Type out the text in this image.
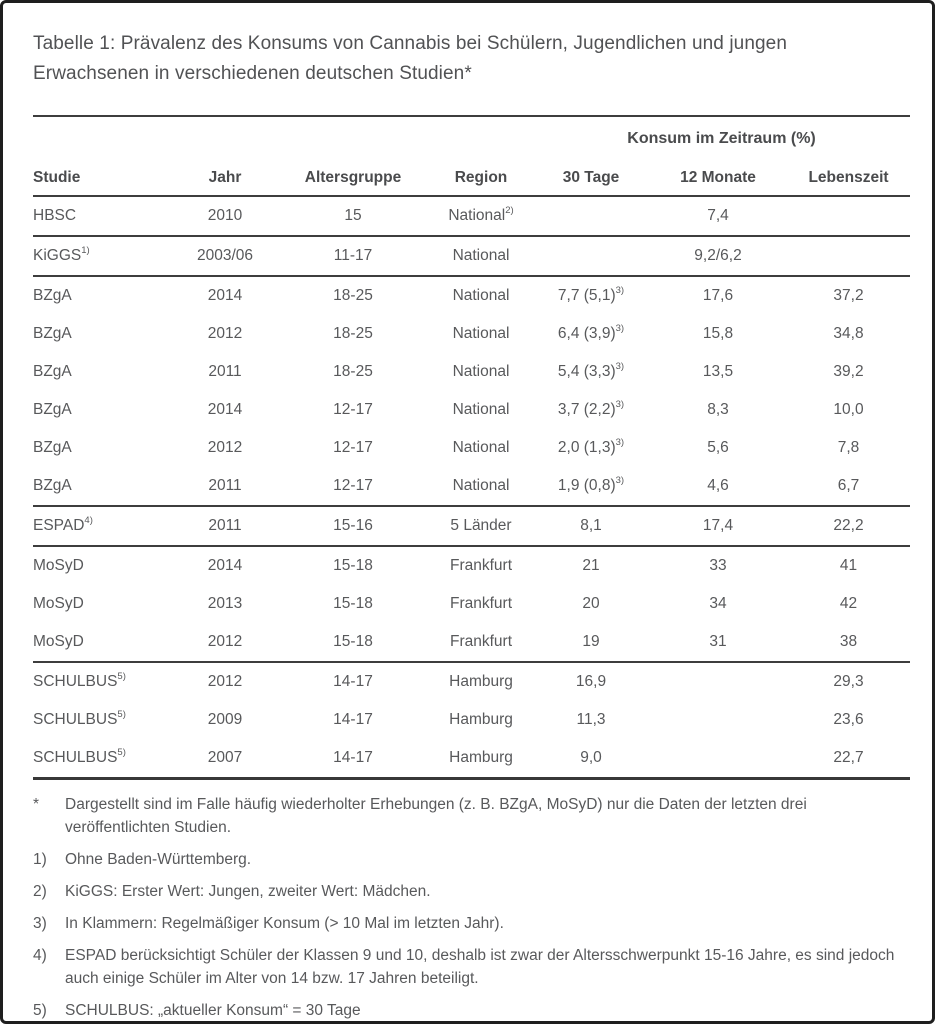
Tabelle 1: Prävalenz des Konsums von Cannabis bei Schülern, Jugendlichen und jungen Erwachsenen in verschiedenen deutschen Studien*
				Konsum im Zeitraum (%)		
Studie	Jahr	Altersgruppe	Region	30 Tage	12 Monate	Lebenszeit
HBSC	2010	15	National$^{2)}$		7,4	
KiGGS$^{1)}$	2003/06	11-17	National		9,2/6,2	
BZgA	2014	18-25	National	7,7 $(5,1)^{3)}$	17,6	37,2
BZgA	2012	18-25	National	6,4 $(3,9)^{3)}$	15,8	34,8
BZgA	2011	18-25	National	5,4 $(3,3)^{3)}$	13,5	39,2
BZgA	2014	12-17	National	3,7 $(2,2)^{3)}$	8,3	10,0
BZgA	2012	12-17	National	2,0 $(1,3)^{3)}$	5,6	7,8
BZgA	2011	12-17	National	1,9 $(0,8)^{3)}$	4,6	6,7
ESPAD$^{4)}$	2011	15-16	5 Länder	8,1	17,4	22,2
MoSyD	2014	15-18	Frankfurt	21	33	41
MoSyD	2013	15-18	Frankfurt	20	34	42
MoSyD	2012	15-18	Frankfurt	19	31	38
SCHULBUS$^{5)}$	2012	14-17	Hamburg	16,9		29,3
SCHULBUS$^{5)}$	2009	14-17	Hamburg	11,3		23,6
SCHULBUS$^{5)}$	2007	14-17	Hamburg	9,0		22,7
*	Dargestellt sind im Falle häufig wiederholter Erhebungen (z. B. BZgA, MoSyD) nur die Daten der letzten drei veröffentlichten Studien.
1)	Ohne Baden-Württemberg.
2)	KiGGS: Erster Wert: Jungen, zweiter Wert: Mädchen.
3)	In Klammern: Regelmäßiger Konsum (> 10 Mal im letzten Jahr).
4)	ESPAD berücksichtigt Schüler der Klassen 9 und 10, deshalb ist zwar der Altersschwerpunkt 15-16 Jahre, es sind jedoch auch einige Schüler im Alter von 14 bzw. 17 Jahren beteiligt.
5)	SCHULBUS: „aktueller Konsum“ = 30 Tage
